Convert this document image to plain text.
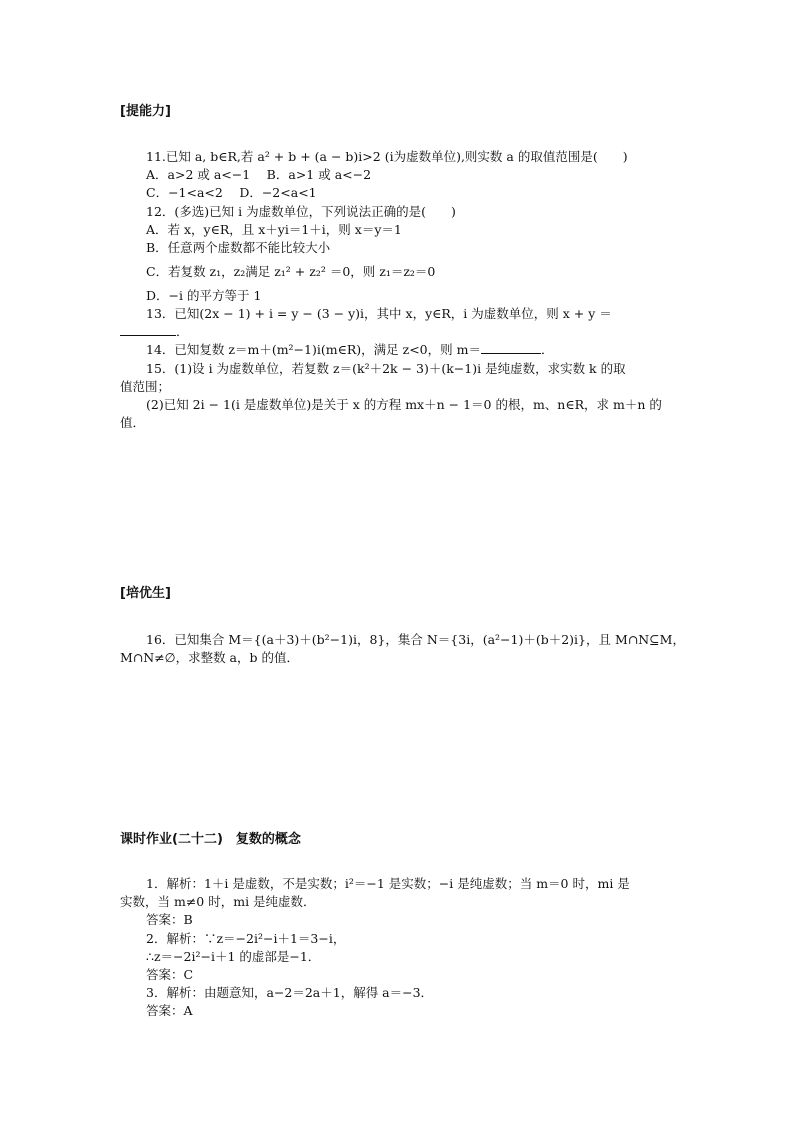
[提能力]
11.已知 a, b∈R,若 a² + b + (a − b)i>2 (i为虚数单位),则实数 a 的取值范围是(　　)
A．a>2 或 a<−1　 B．a>1 或 a<−2
C．−1<a<2　 D．−2<a<1
12．(多选)已知 i 为虚数单位，下列说法正确的是(　　)
A．若 x，y∈R，且 x＋yi＝1＋i，则 x＝y＝1
B．任意两个虚数都不能比较大小
C．若复数 z₁，z₂满足 z₁² + z₂² ＝0，则 z₁＝z₂＝0
D．−i 的平方等于 1
13．已知(2x − 1) + i = y − (3 − y)i，其中 x，y∈R，i 为虚数单位，则 x + y ＝
．
14．已知复数 z＝m＋(m²−1)i(m∈R)，满足 z<0，则 m＝	．
15．(1)设 i 为虚数单位，若复数 z＝(k²＋2k − 3)＋(k−1)i 是纯虚数，求实数 k 的取
值范围；
(2)已知 2i − 1(i 是虚数单位)是关于 x 的方程 mx＋n − 1＝0 的根，m、n∈R，求 m＋n 的
值．
[培优生]
16．已知集合 M＝{(a＋3)＋(b²−1)i，8}，集合 N＝{3i，(a²−1)＋(b＋2)i}，且 M∩N⊆M，
M∩N≠∅，求整数 a，b 的值．
课时作业(二十二)　复数的概念
1．解析：1＋i 是虚数，不是实数；i²＝−1 是实数；−i 是纯虚数；当 m＝0 时，mi 是
实数，当 m≠0 时，mi 是纯虚数．
答案：B
2．解析：∵z＝−2i²−i＋1＝3−i，
∴z＝−2i²−i＋1 的虚部是−1．
答案：C
3．解析：由题意知，a−2＝2a＋1，解得 a＝−3．
答案：A
